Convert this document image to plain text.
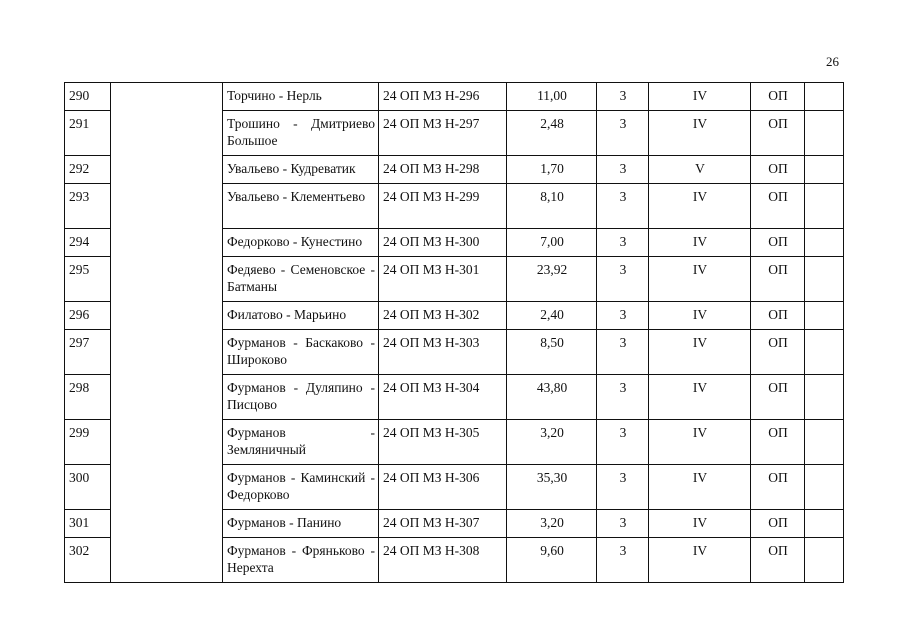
26
290		Торчино - Нерль	24 ОП МЗ Н-296	11,00	3	IV	ОП	
291		Трошино - Дмитриево Большое	24 ОП МЗ Н-297	2,48	3	IV	ОП	
292		Увальево - Кудреватик	24 ОП МЗ Н-298	1,70	3	V	ОП	
293		Увальево - Клементьево	24 ОП МЗ Н-299	8,10	3	IV	ОП	
294		Федорково - Кунестино	24 ОП МЗ Н-300	7,00	3	IV	ОП	
295		Федяево - Семеновское - Батманы	24 ОП МЗ Н-301	23,92	3	IV	ОП	
296		Филатово - Марьино	24 ОП МЗ Н-302	2,40	3	IV	ОП	
297		Фурманов - Баскаково - Широково	24 ОП МЗ Н-303	8,50	3	IV	ОП	
298		Фурманов - Дуляпино - Писцово	24 ОП МЗ Н-304	43,80	3	IV	ОП	
299		Фурманов - Земляничный	24 ОП МЗ Н-305	3,20	3	IV	ОП	
300		Фурманов - Каминский - Федорково	24 ОП МЗ Н-306	35,30	3	IV	ОП	
301		Фурманов - Панино	24 ОП МЗ Н-307	3,20	3	IV	ОП	
302		Фурманов - Фряньково - Нерехта	24 ОП МЗ Н-308	9,60	3	IV	ОП	
